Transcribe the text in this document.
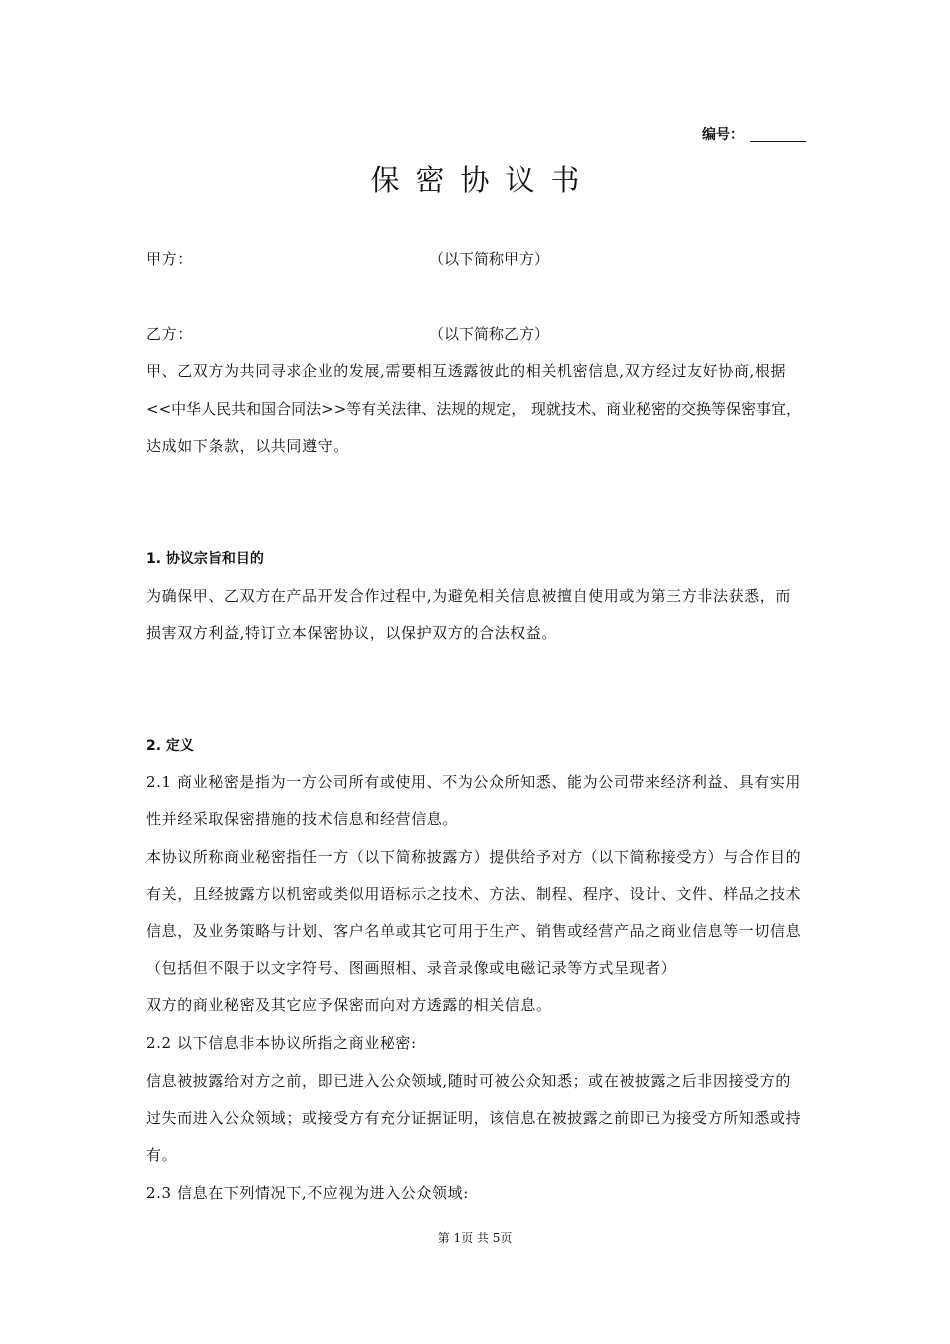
编号：
保密协议书
甲方：	（以下简称甲方）
乙方：	（以下简称乙方）
甲、乙双方为共同寻求企业的发展,需要相互透露彼此的相关机密信息,双方经过友好协商,根据
<<中华人民共和国合同法>>等有关法律、法规的规定， 现就技术、商业秘密的交换等保密事宜，
达成如下条款，以共同遵守。
1. 协议宗旨和目的
为确保甲、乙双方在产品开发合作过程中,为避免相关信息被擅自使用或为第三方非法获悉，而
损害双方利益,特订立本保密协议，以保护双方的合法权益。
2. 定义
2.1 商业秘密是指为一方公司所有或使用、不为公众所知悉、能为公司带来经济利益、具有实用
性并经采取保密措施的技术信息和经营信息。
本协议所称商业秘密指任一方（以下简称披露方）提供给予对方（以下简称接受方）与合作目的
有关，且经披露方以机密或类似用语标示之技术、方法、制程、程序、设计、文件、样品之技术
信息，及业务策略与计划、客户名单或其它可用于生产、销售或经营产品之商业信息等一切信息
（包括但不限于以文字符号、图画照相、录音录像或电磁记录等方式呈现者）
双方的商业秘密及其它应予保密而向对方透露的相关信息。
2.2 以下信息非本协议所指之商业秘密:
信息被披露给对方之前，即已进入公众领域,随时可被公众知悉；或在被披露之后非因接受方的
过失而进入公众领域；或接受方有充分证据证明，该信息在被披露之前即已为接受方所知悉或持
有。
2.3 信息在下列情况下,不应视为进入公众领域:
第 1页 共 5页
